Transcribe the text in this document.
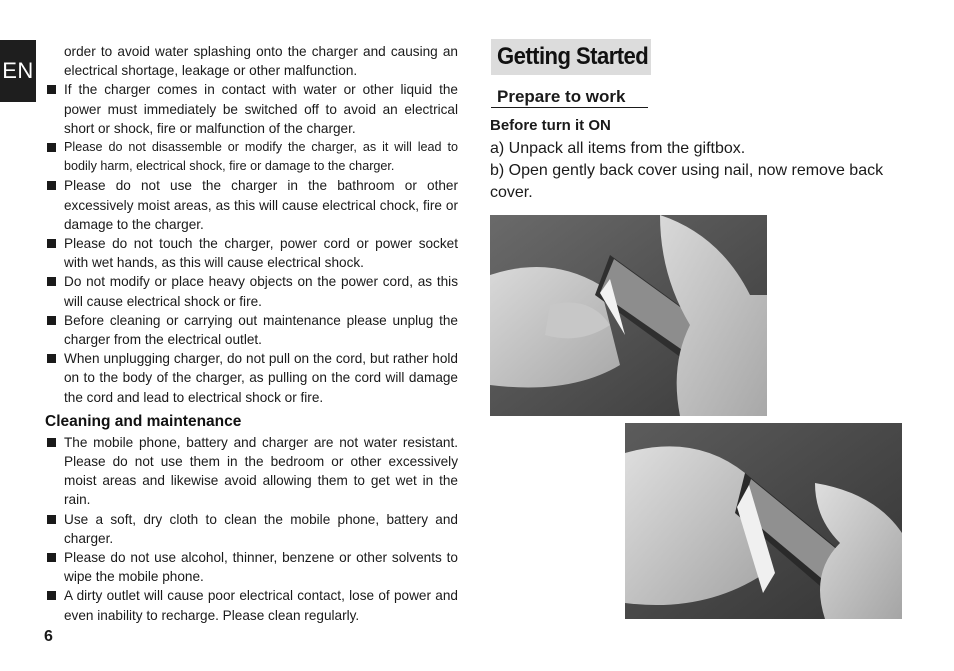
EN
order to avoid water splashing onto the charger and causing an electrical shortage, leakage or other malfunction.
If the charger comes in contact with water or other liquid the power must immediately be switched off to avoid an electrical short or shock, fire or malfunction of the charger.
Please do not disassemble or modify the charger, as it will lead to bodily harm, electrical shock, fire or damage to the charger.
Please do not use the charger in the bathroom or other excessively moist areas, as this will cause electrical chock, fire or damage to the charger.
Please do not touch the charger, power cord or power socket with wet hands, as this will cause electrical shock.
Do not modify or place heavy objects on the power cord, as this will cause electrical shock or fire.
Before cleaning or carrying out maintenance please unplug the charger from the electrical outlet.
When unplugging charger, do not pull on the cord, but rather hold on to the body of the charger, as pulling on the cord will damage the cord and lead to electrical shock or fire.
Cleaning and maintenance
The mobile phone, battery and charger are not water resistant. Please do not use them in the bedroom or other excessively moist areas and likewise avoid allowing them to get wet in the rain.
Use a soft, dry cloth to clean the mobile phone, battery and charger.
Please do not use alcohol, thinner, benzene or other solvents to wipe the mobile phone.
A dirty outlet will cause poor electrical contact, lose of power and even inability to recharge. Please clean regularly.
6
Getting Started
Prepare to work
Before turn it ON

a) Unpack all items from the giftbox.

b) Open gently back cover using nail, now remove back cover.
